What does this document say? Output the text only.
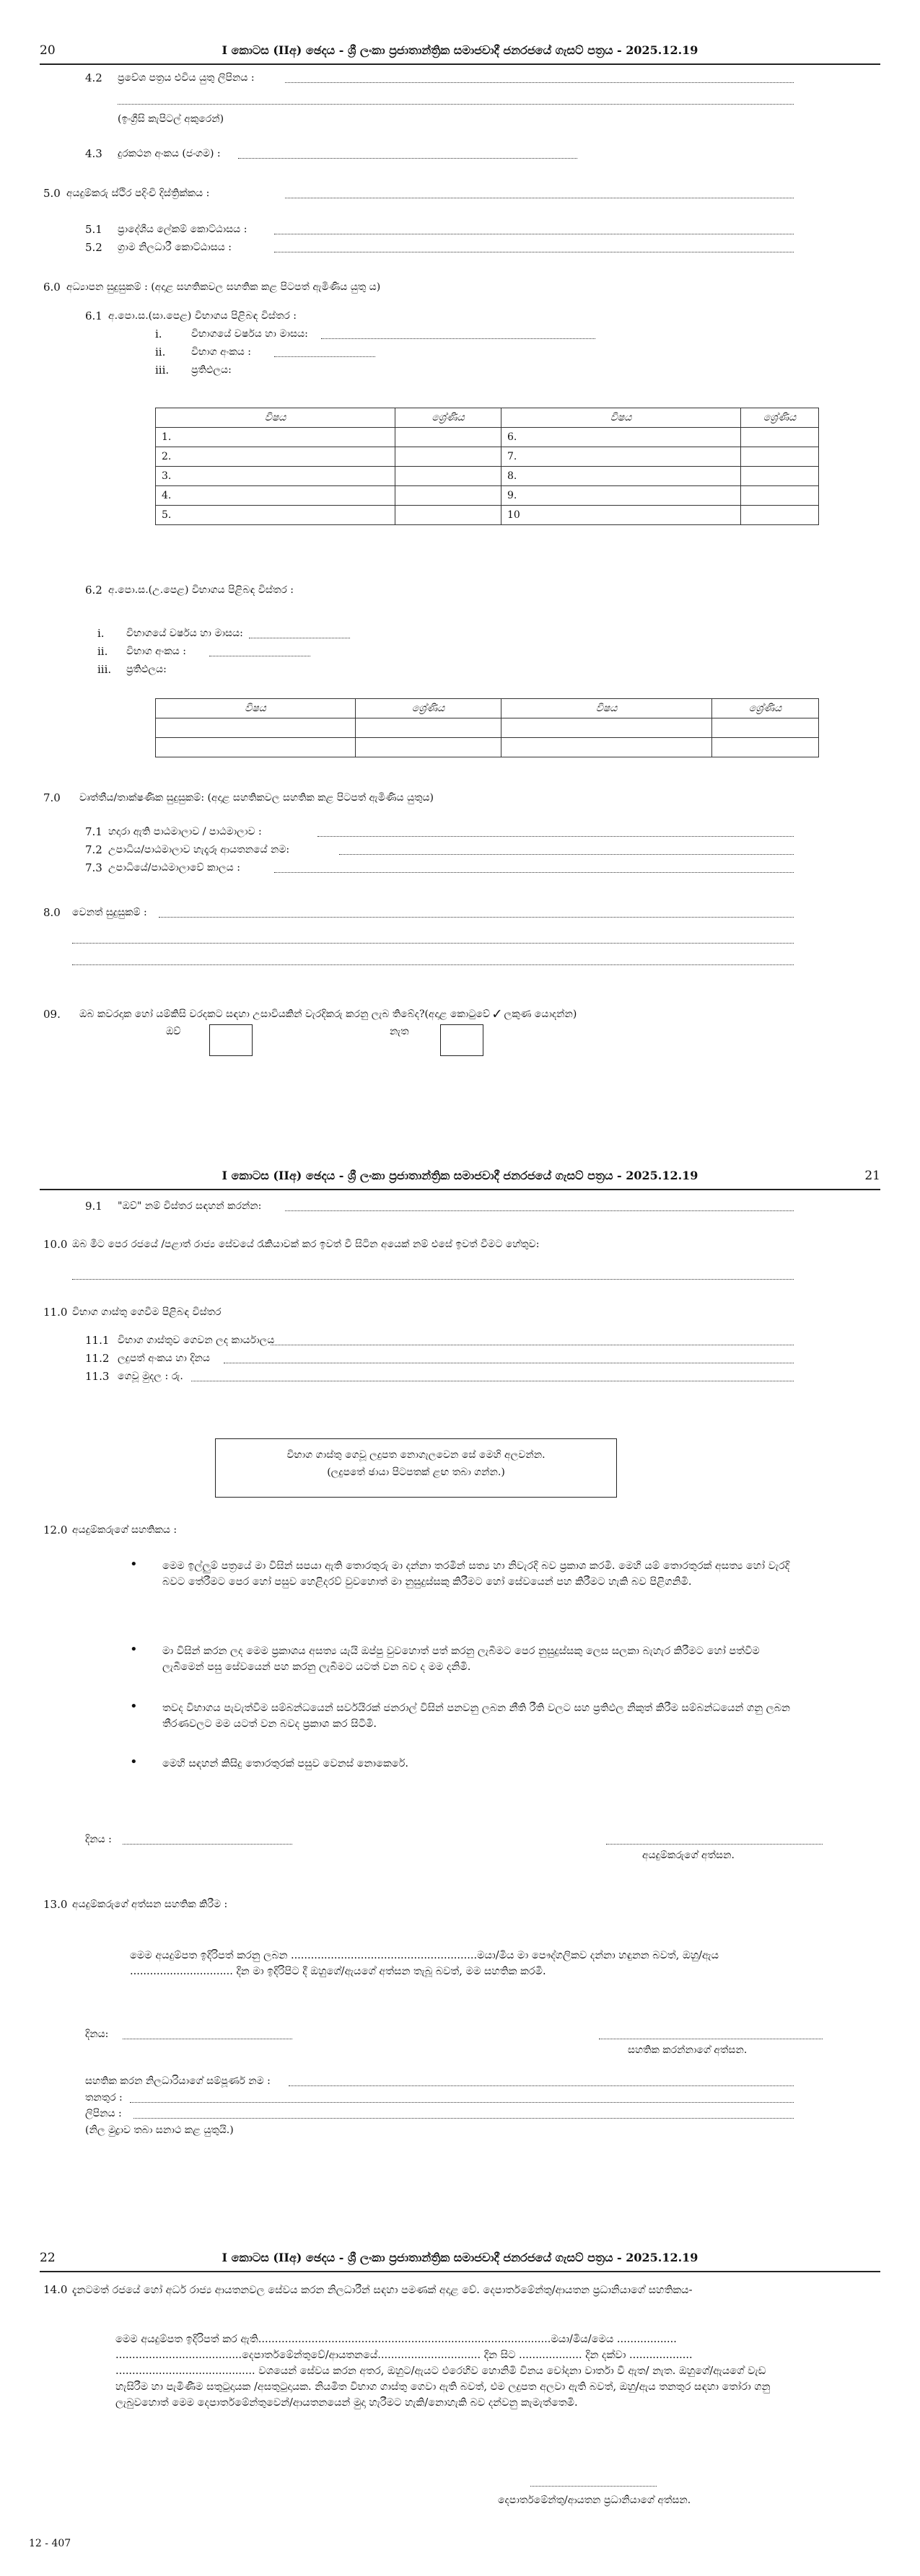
20	I කොටස (IIඅ) ඡෙදය - ශ්‍රී ලංකා ප්‍රජාතාන්ත්‍රික සමාජවාදී ජනරජයේ ගැසට් පත්‍රය - 2025.12.19
4.2 ප්‍රවේශ පත්‍රය එවිය යුතු ලිපිනය :
(ඉංග්‍රීසි කැපිටල් අකුරෙන්)
4.3 දුරකථන අංකය (ජංගම) :
5.0 අයදුම්කරු ස්ථිර පදිංචි දිස්ත්‍රික්කය :
5.1 ප්‍රාදේශීය ලේකම් කොට්ඨාසය :
5.2 ග්‍රාම නිලධාරී කොට්ඨාසය :
6.0 අධ්‍යාපන සුදුසුකම් : (අදාළ සහතිකවල සහතික කළ පිටපත් ඇමිණිය යුතු ය)
6.1 අ.පො.ස.(සා.පෙළ) විභාගය පිළිබඳ විස්තර :
i.	විභාගයේ වර්ෂය හා මාසය:
ii.	විභාග අංකය :
iii. ප්‍රතිඵලය:
විෂය	ශ්‍රේණිය	විෂය	ශ්‍රේණිය
1.		6.	
2.		7.	
3.		8.	
4.		9.	
5.		10	
6.2 අ.පො.ස.(උ.පෙළ) විභාගය පිළිබඳ විස්තර :
i. විභාගයේ වර්ෂය හා මාසය:
ii. විභාග අංකය :
iii. ප්‍රතිඵලය:
විෂය	ශ්‍රේණිය	විෂය	ශ්‍රේණිය

7.0 වෘත්තීය/තාක්ෂණික සුදුසුකම්: (අදාළ සහතිකවල සහතික කළ පිටපත් ඇමිණිය යුතුය)
7.1 හදාරා ඇති පාඨමාලාව / පාඨමාලාව :
7.2 උපාධිය/පාඨමාලාව හැදෑරූ ආයතනයේ නම:
7.3 උපාධියේ/පාඨමාලාවේ කාලය :
8.0 වෙනත් සුදුසුකම් :
09. ඔබ කවරදාක හෝ යම්කිසි වරදකට සඳහා උසාවියකින් වැරදිකරු කරනු ලැබ තිබේද?(අදාළ කොටුවේ ✓ ලකුණ යොදන්න)
ඔව්	නැත
I කොටස (IIඅ) ඡෙදය - ශ්‍රී ලංකා ප්‍රජාතාන්ත්‍රික සමාජවාදී ජනරජයේ ගැසට් පත්‍රය - 2025.12.19	21
9.1 "ඔව්" නම් විස්තර සඳහන් කරන්න:
10.0 ඔබ මීට පෙර රජයේ /පළාත් රාජ්‍ය සේවයේ රැකියාවක් කර ඉවත් වී සිටින අයෙක් නම් එසේ ඉවත් වීමට හේතුව:
11.0 විභාග ගාස්තු ගෙවීම පිළිබඳ විස්තර
11.1 විභාග ගාස්තුව ගෙවන ලද කාර්යාලය
11.2 ලදුපත් අංකය හා දිනය
11.3 ගෙවූ මුදල : රු.
විභාග ගාස්තු ගෙවූ ලදුපත නොගැලවෙන සේ මෙහි අලවන්න.
(ලදුපතේ ඡායා පිටපතක් ළඟ තබා ගන්න.)
12.0 අයදුම්කරුගේ සහතිකය :
• මෙම ඉල්ලුම් පත්‍රයේ මා විසින් සපයා ඇති තොරතුරු මා දන්නා තරමින් සත්‍ය හා නිවැරදි බව ප්‍රකාශ කරමි. මෙහි යම් තොරතුරක් අසත්‍ය හෝ වැරදි බවට තේරීමට පෙර හෝ පසුව හෙළිදරව් වුවහොත් මා නුසුදුස්සකු කිරීමට හෝ සේවයෙන් පහ කිරීමට හැකි බව පිළිගනිමි.
• මා විසින් කරන ලද මෙම ප්‍රකාශය අසත්‍ය යැයි ඔප්පු වුවහොත් පත් කරනු ලැබීමට පෙර නුසුදුස්සකු ලෙස සලකා බැහැර කිරීමට හෝ පත්වීම ලැබීමෙන් පසු සේවයෙන් පහ කරනු ලැබීමට යටත් වන බව ද මම දනිමි.
• තවද විභාගය පැවැත්වීම සම්බන්ධයෙන් සර්වයිරක් ජනරාල් විසින් පනවනු ලබන නීති රීති වලට සහ ප්‍රතිඵල නිකුත් කිරීම සම්බන්ධයෙන් ගනු ලබන තීරණවලට මම යටත් වන බවද ප්‍රකාශ කර සිටිමි.
• මෙහි සඳහන් කිසිදු තොරතුරක් පසුව වෙනස් නොකෙරේ.
දිනය :
අයදුම්කරුගේ අත්සන.
13.0 අයදුම්කරුගේ අත්සන සහතික කිරීම :
මෙම අයදුම්පත ඉදිරිපත් කරනු ලබන ........................................................මයා/මිය මා පෞද්ගලිකව දන්නා හඳුනන බවත්, ඔහු/ඇය ............................... දින මා ඉදිරිපිට දී ඔහුගේ/ඇයගේ අත්සන තැබූ බවත්, මම සහතික කරමි.
දිනය:
සහතික කරන්නාගේ අත්සන.
සහතික කරන නිලධාරියාගේ සම්පූර්ණ නම :
තනතුර :
ලිපිනය :
(නිල මුද්‍රාව තබා සනාථ කළ යුතුයි.)
22	I කොටස (IIඅ) ඡෙදය - ශ්‍රී ලංකා ප්‍රජාතාන්ත්‍රික සමාජවාදී ජනරජයේ ගැසට් පත්‍රය - 2025.12.19
14.0 දැනටමත් රජයේ හෝ අර්ධ රාජ්‍ය ආයතනවල සේවය කරන නිලධාරීන් සඳහා පමණක් අදාළ වේ. දෙපාර්තමේන්තු/ආයතන ප්‍රධානියාගේ සහතිකය-
මෙම අයදුම්පත ඉදිරිපත් කර ඇති........................................................................................මයා/මිය/මෙය .................. ......................................දෙපාර්තමේන්තුවේ/ආයතනයේ............................... දින සිට ................... දින දක්වා ................... .......................................... වශයෙන් සේවය කරන අතර, ඔහුට/ඇයට එරෙහිව හොනිමි විනය චෝදනා වාර්තා වී ඇත/ නැත. ඔහුගේ/ඇයගේ වැඩ හැසිරීම හා පැමිණීම සතුටුදායක /අසතුටුදායක. නියමිත විභාග ගාස්තු ගෙවා ඇති බවත්, එම ලදුපත අලවා ඇති බවත්, ඔහු/ඇය තනතුර සඳහා තෝරා ගනු ලැබුවහොත් මෙම දෙපාර්තමේන්තුවෙන්/ආයතනයෙන් මුදා හැරීමට හැකි/නොහැකි බව දන්වනු කැමැත්තෙමි.
දෙපාර්තමේන්තු/ආයතන ප්‍රධානියාගේ අත්සන.
12 - 407
